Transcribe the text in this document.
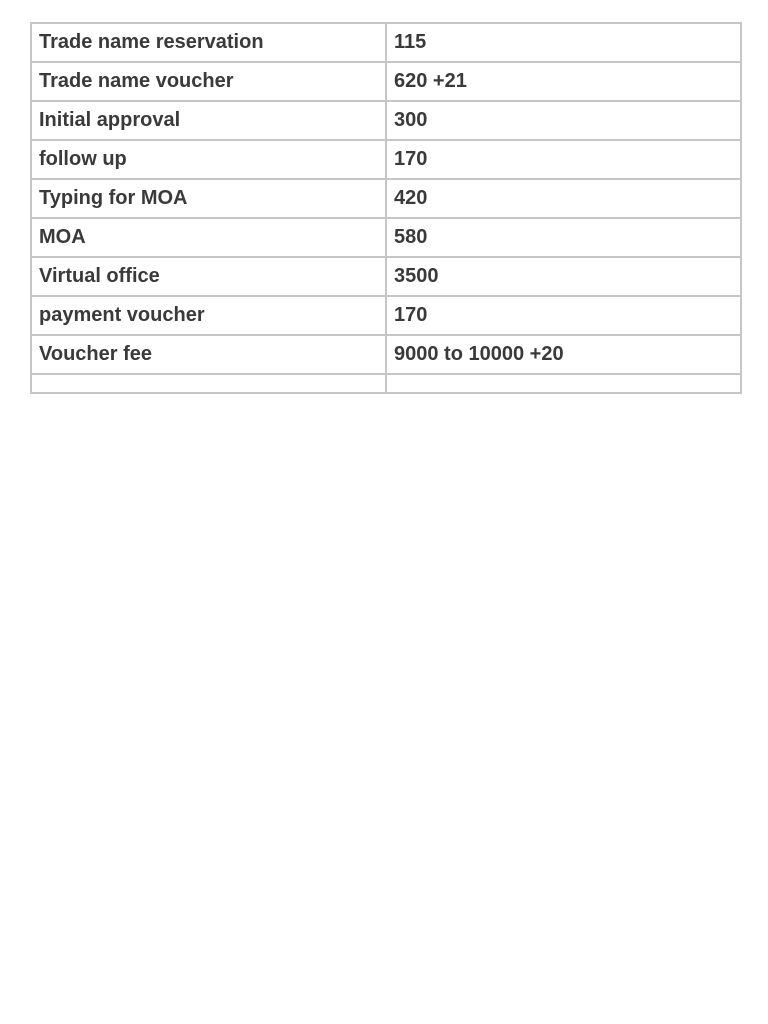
Trade name reservation	115
Trade name voucher	620 +21
Initial approval	300
follow up	170
Typing for MOA	420
MOA	580
Virtual office	3500
payment voucher	170
Voucher fee	9000 to 10000 +20
